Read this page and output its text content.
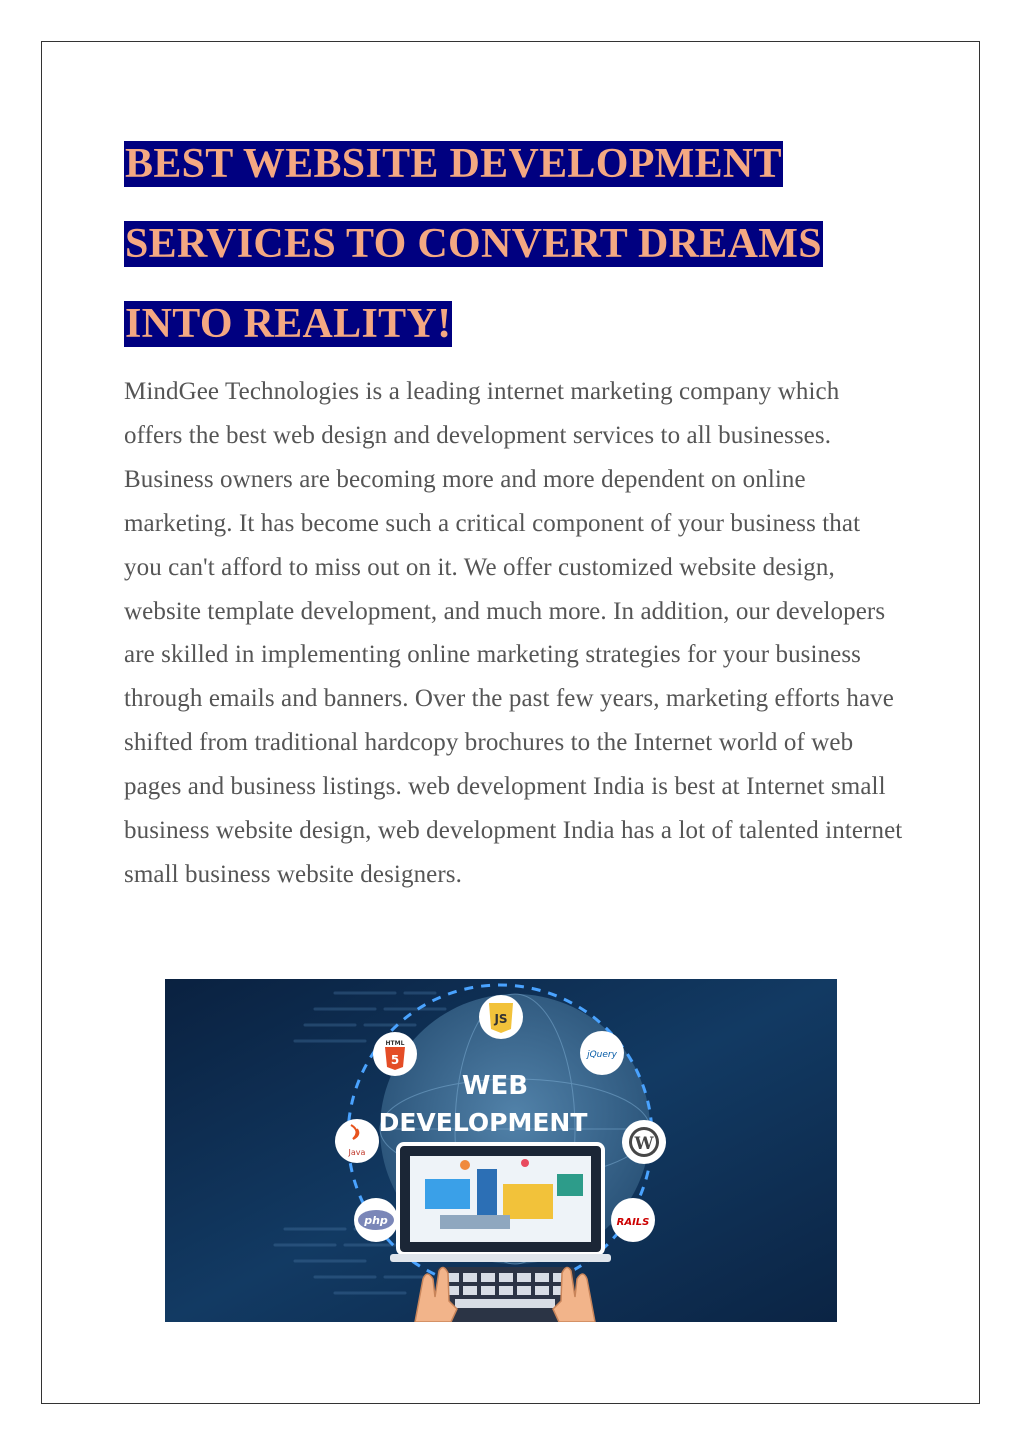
BEST WEBSITE DEVELOPMENT
SERVICES TO CONVERT DREAMS
INTO REALITY!

MindGee Technologies is a leading internet marketing company which offers the best web design and development services to all businesses. Business owners are becoming more and more dependent on online marketing. It has become such a critical component of your business that you can't afford to miss out on it. We offer customized website design, website template development, and much more. In addition, our developers are skilled in implementing online marketing strategies for your business through emails and banners. Over the past few years, marketing efforts have shifted from traditional hardcopy brochures to the Internet world of web pages and business listings. web development India is best at Internet small business website design, web development India has a lot of talented internet small business website designers.

WEB
DEVELOPMENT
JS
HTML
5	jQuery
Java	W
php	RAILS
